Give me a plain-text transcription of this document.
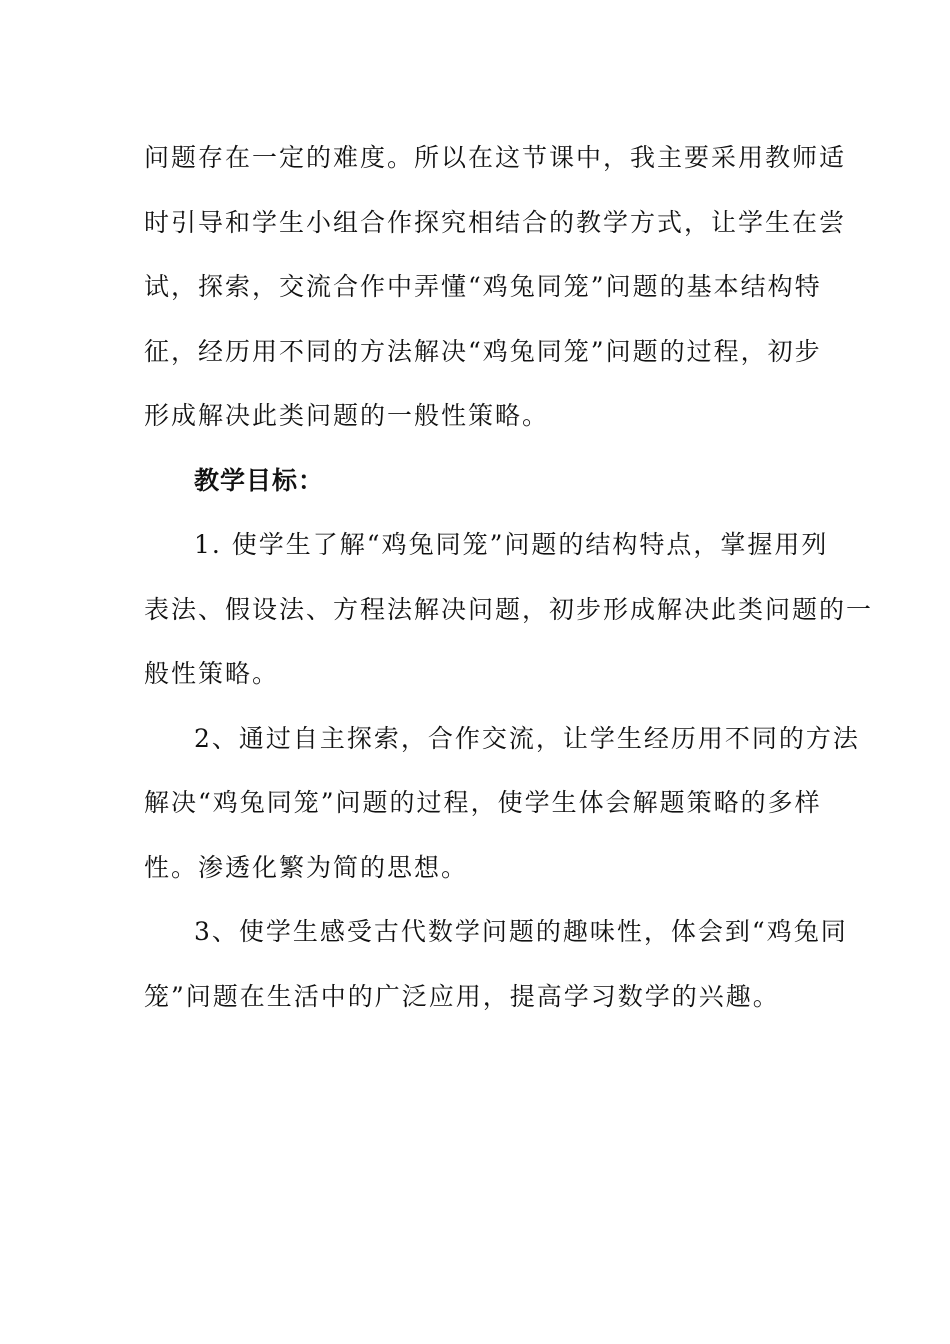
问题存在一定的难度。所以在这节课中，我主要采用教师适
时引导和学生小组合作探究相结合的教学方式，让学生在尝
试，探索，交流合作中弄懂“鸡兔同笼”问题的基本结构特
征，经历用不同的方法解决“鸡兔同笼”问题的过程，初步
形成解决此类问题的一般性策略。
教学目标：
1. 使学生了解“鸡兔同笼”问题的结构特点，掌握用列
表法、假设法、方程法解决问题，初步形成解决此类问题的一
般性策略。
2、通过自主探索，合作交流，让学生经历用不同的方法
解决“鸡兔同笼”问题的过程，使学生体会解题策略的多样
性。渗透化繁为简的思想。
3、使学生感受古代数学问题的趣味性，体会到“鸡兔同
笼”问题在生活中的广泛应用，提高学习数学的兴趣。
